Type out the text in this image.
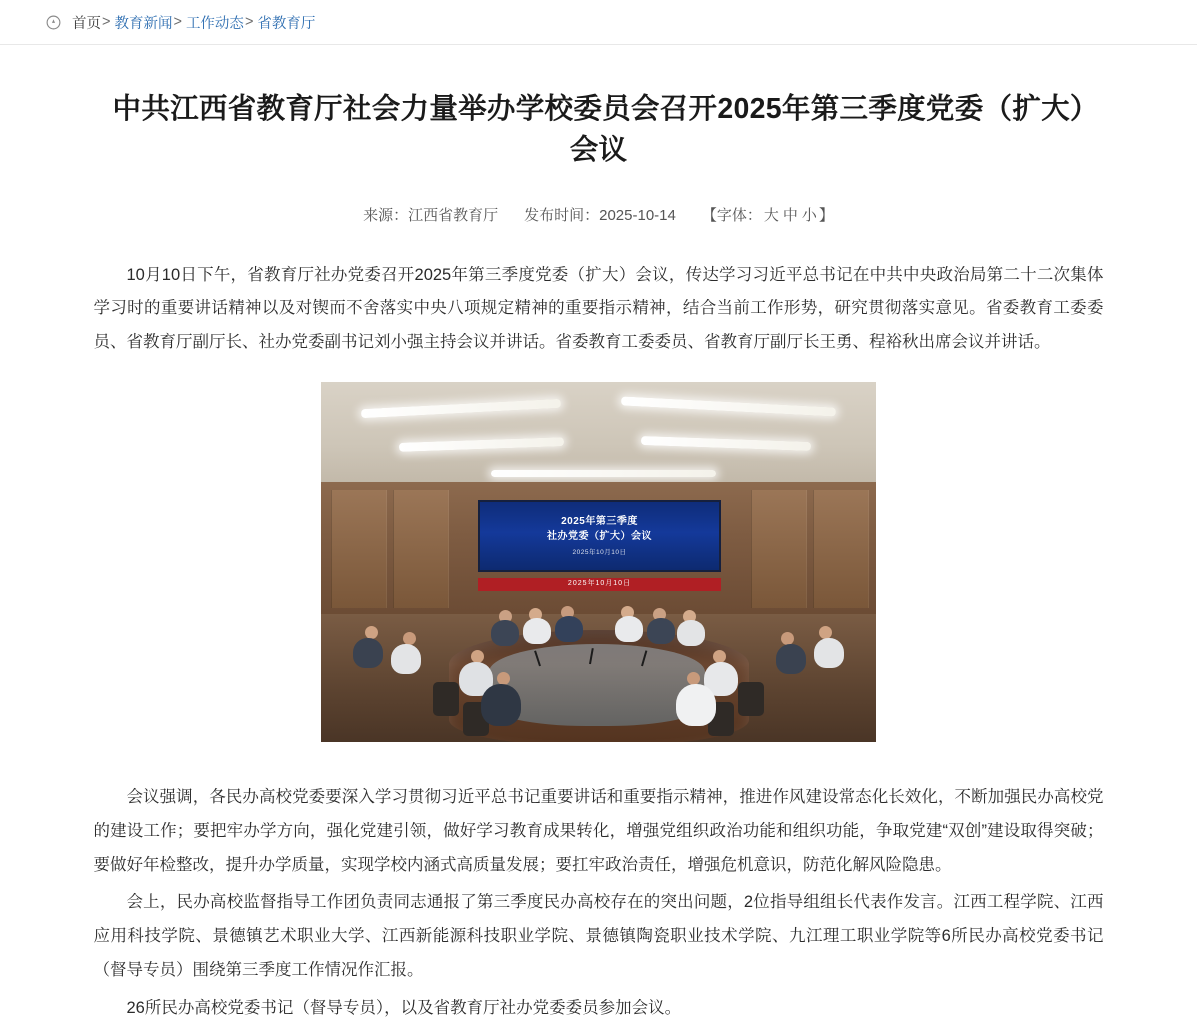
首页 > 教育新闻 > 工作动态 > 省教育厅
中共江西省教育厅社会力量举办学校委员会召开2025年第三季度党委（扩大）会议
来源：江西省教育厅 发布时间：2025-10-14 【字体： 大 中 小 】

10月10日下午，省教育厅社办党委召开2025年第三季度党委（扩大）会议，传达学习习近平总书记在中共中央政治局第二十二次集体学习时的重要讲话精神以及对锲而不舍落实中央八项规定精神的重要指示精神，结合当前工作形势，研究贯彻落实意见。省委教育工委委员、省教育厅副厅长、社办党委副书记刘小强主持会议并讲话。省委教育工委委员、省教育厅副厅长王勇、程裕秋出席会议并讲话。

2025年第三季度
社办党委（扩大）会议
2025年10月10日
2025年10月10日

会议强调，各民办高校党委要深入学习贯彻习近平总书记重要讲话和重要指示精神，推进作风建设常态化长效化，不断加强民办高校党的建设工作；要把牢办学方向，强化党建引领，做好学习教育成果转化，增强党组织政治功能和组织功能，争取党建“双创”建设取得突破；要做好年检整改，提升办学质量，实现学校内涵式高质量发展；要扛牢政治责任，增强危机意识，防范化解风险隐患。

会上，民办高校监督指导工作团负责同志通报了第三季度民办高校存在的突出问题，2位指导组组长代表作发言。江西工程学院、江西应用科技学院、景德镇艺术职业大学、江西新能源科技职业学院、景德镇陶瓷职业技术学院、九江理工职业学院等6所民办高校党委书记（督导专员）围绕第三季度工作情况作汇报。

26所民办高校党委书记（督导专员），以及省教育厅社办党委委员参加会议。
